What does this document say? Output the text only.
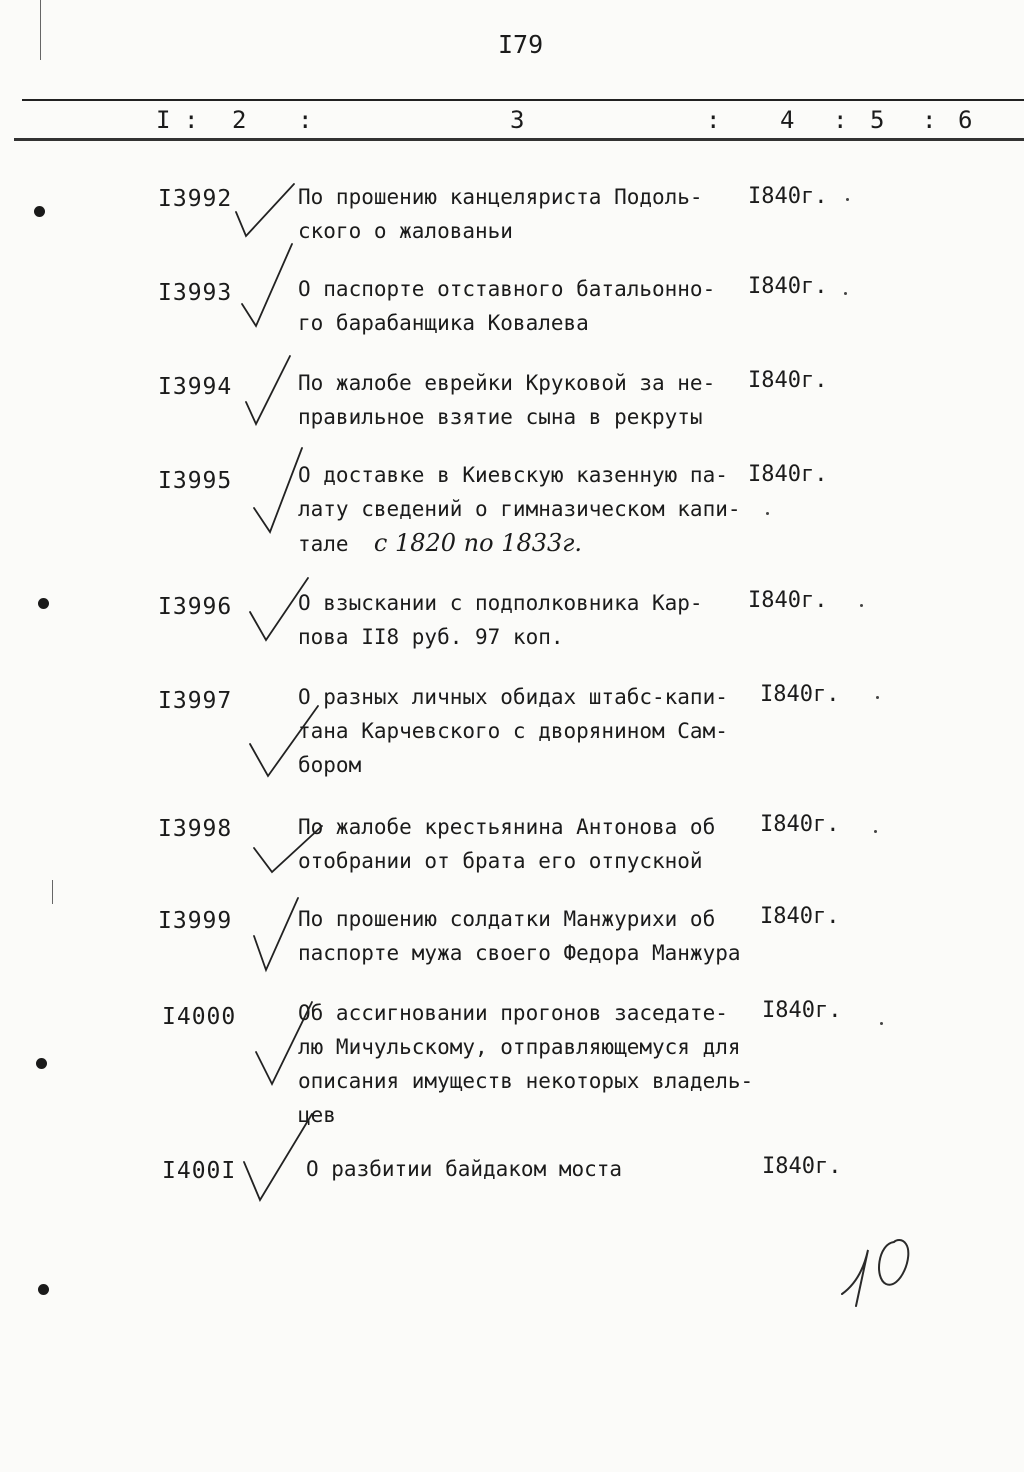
I79
I : 2 :	3	: 4 : 5 : 6
I3992	По прошению канцеляриста Подоль-
ского о жалованьи
I840г.
I3993	О паспорте отставного батальонно-
го барабанщика Ковалева
I840г.
I3994	По жалобе еврейки Круковой за не-
правильное взятие сына в рекруты
I840г.
I3995	О доставке в Киевскую казенную па-
лату сведений о гимназическом капи-
тале с 1820 по 1833г.
I840г.
I3996	О взыскании с подполковника Кар-
пова II8 руб. 97 коп.
I840г.
I3997	О разных личных обидах штабс-капи-
тана Карчевского с дворянином Сам-
бором
I840г.
I3998	По жалобе крестьянина Антонова об
отобрании от брата его отпускной
I840г.
I3999	По прошению солдатки Манжурихи об
паспорте мужа своего Федора Манжура
I840г.
I4000	Об ассигновании прогонов заседате-
лю Мичульскому, отправляющемуся для
описания имуществ некоторых владель-
цев
I840г.
I400I	О разбитии байдаком моста	I840г.
